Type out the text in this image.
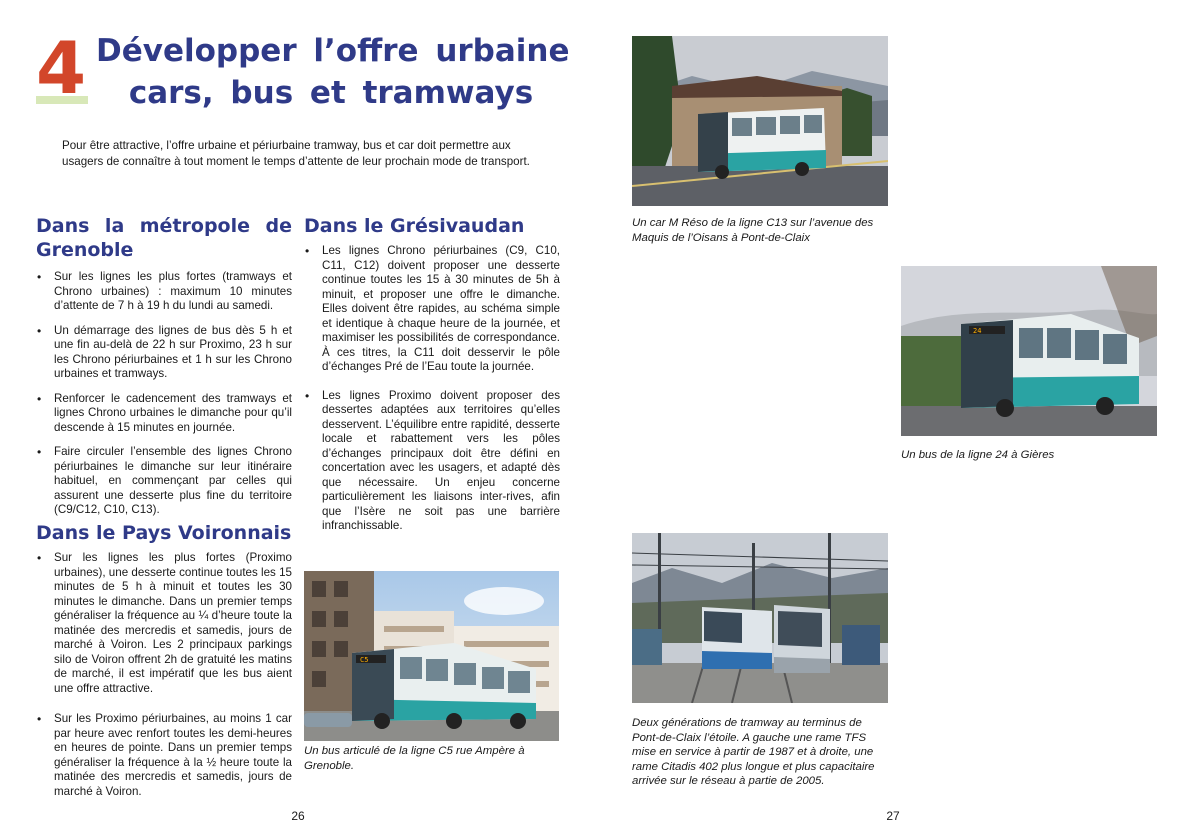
4 Développer l’offre urbaine
cars, bus et tramways
Pour être attractive, l’offre urbaine et périurbaine tramway, bus et car doit permettre aux usagers de connaître à tout moment le temps d’attente de leur prochain mode de transport.
Dans la métropole de Grenoble
• Sur les lignes les plus fortes (tramways et Chrono urbaines) : maximum 10 minutes d’attente de 7 h à 19 h du lundi au samedi.
• Un démarrage des lignes de bus dès 5 h et une fin au-delà de 22 h sur Proximo, 23 h sur les Chrono périurbaines et 1 h sur les Chrono urbaines et tramways.
• Renforcer le cadencement des tramways et lignes Chrono urbaines le dimanche pour qu’il descende à 15 minutes en journée.
• Faire circuler l’ensemble des lignes Chrono périurbaines le dimanche sur leur itinéraire habituel, en commençant par celles qui assurent une desserte plus fine du territoire (C9/C12, C10, C13).
Dans le Pays Voironnais
• Sur les lignes les plus fortes (Proximo urbaines), une desserte continue toutes les 15 minutes de 5 h à minuit et toutes les 30 minutes le dimanche. Dans un premier temps généraliser la fréquence au ¼ d’heure toute la matinée des mercredis et samedis, jours de marché à Voiron. Les 2 principaux parkings silo de Voiron offrent 2h de gratuité les matins de marché, il est impératif que les bus aient une offre attractive.
• Sur les Proximo périurbaines, au moins 1 car par heure avec renfort toutes les demi-heures en heures de pointe. Dans un premier temps généraliser la fréquence à la ½ heure toute la matinée des mercredis et samedis, jours de marché à Voiron.
Dans le Grésivaudan
• Les lignes Chrono périurbaines (C9, C10, C11, C12) doivent proposer une desserte continue toutes les 15 à 30 minutes de 5h à minuit, et proposer une offre le dimanche. Elles doivent être rapides, au schéma simple et identique à chaque heure de la journée, et maximiser les possibilités de correspondance. À ces titres, la C11 doit desservir le pôle d’échanges Pré de l’Eau toute la journée.
• Les lignes Proximo doivent proposer des dessertes adaptées aux territoires qu’elles desservent. L’équilibre entre rapidité, desserte locale et rabattement vers les pôles d’échanges principaux doit être défini en concertation avec les usagers, et adapté dès que nécessaire. Un enjeu concerne particulièrement les liaisons inter-rives, afin que l’Isère ne soit pas une barrière infranchissable.
C5
Un bus articulé de la ligne C5 rue Ampère à Grenoble.
Un car M Réso de la ligne C13 sur l’avenue des Maquis de l’Oisans à Pont-de-Claix
24
Un bus de la ligne 24 à Gières
Deux générations de tramway au terminus de Pont-de-Claix l’étoile. A gauche une rame TFS mise en service à partir de 1987 et à droite, une rame Citadis 402 plus longue et plus capacitaire arrivée sur le réseau à partie de 2005.
26	27
